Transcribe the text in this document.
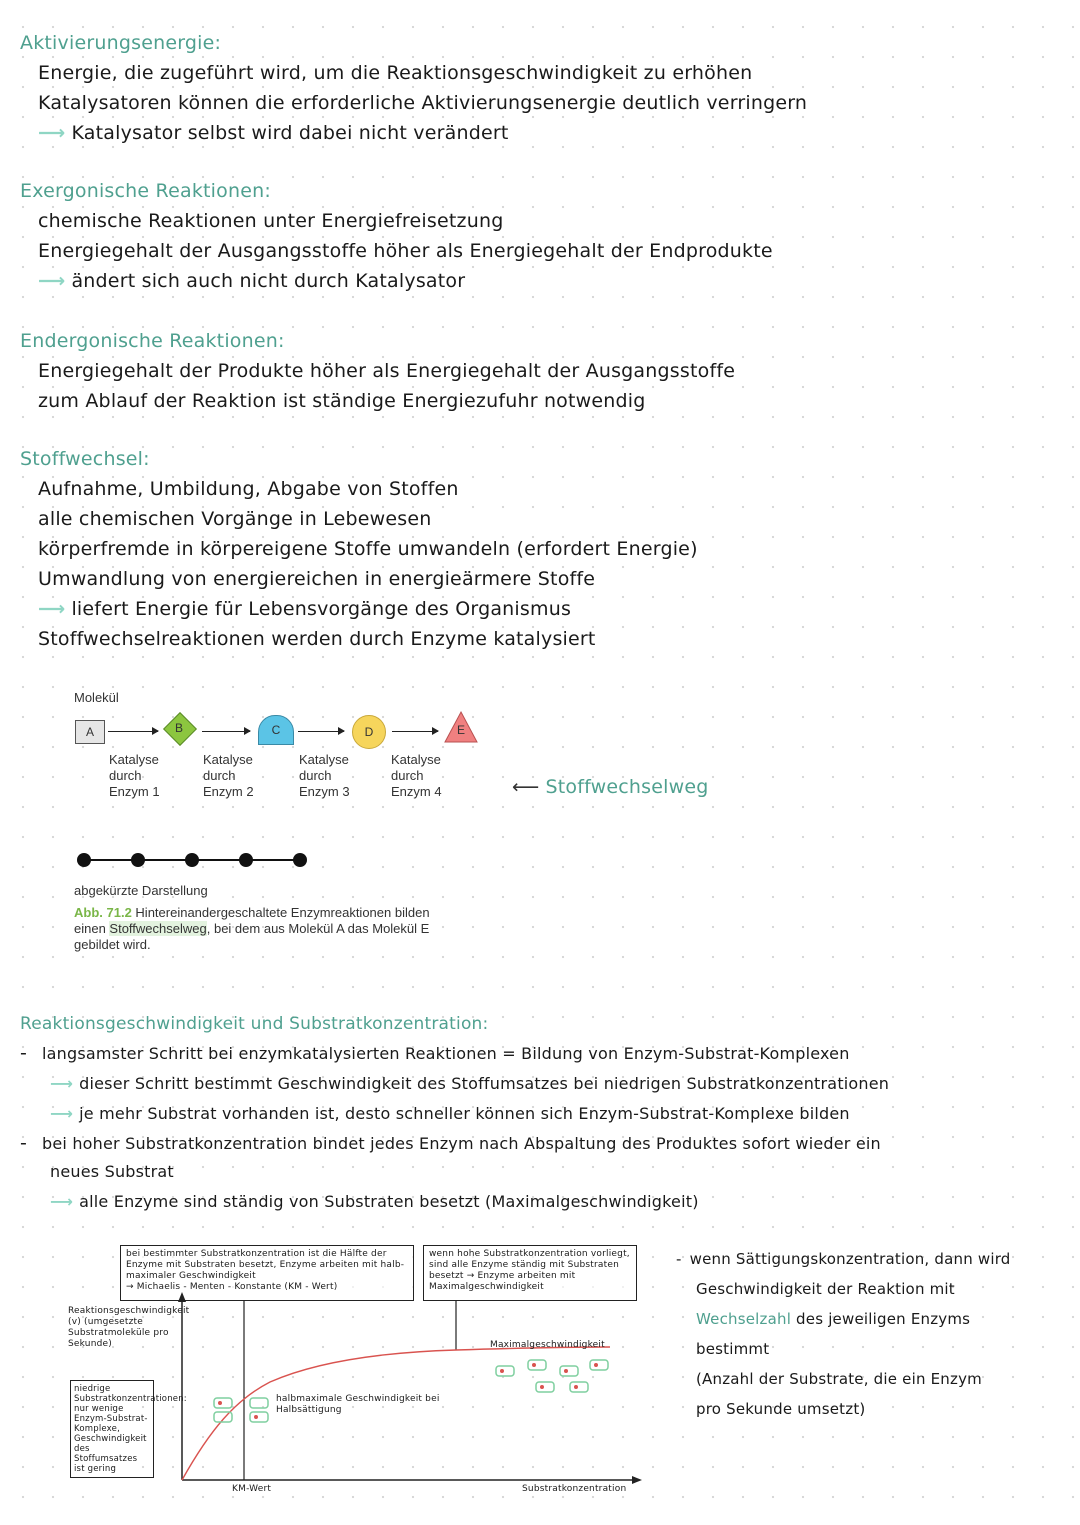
Aktivierungsenergie:
Energie, die zugeführt wird, um die Reaktionsgeschwindigkeit zu erhöhen
Katalysatoren können die erforderliche Aktivierungsenergie deutlich verringern
⟶ Katalysator selbst wird dabei nicht verändert
Exergonische Reaktionen:
chemische Reaktionen unter Energiefreisetzung
Energiegehalt der Ausgangsstoffe höher als Energiegehalt der Endprodukte
⟶ ändert sich auch nicht durch Katalysator
Endergonische Reaktionen:
Energiegehalt der Produkte höher als Energiegehalt der Ausgangsstoffe
zum Ablauf der Reaktion ist ständige Energiezufuhr notwendig
Stoffwechsel:
Aufnahme, Umbildung, Abgabe von Stoffen
alle chemischen Vorgänge in Lebewesen
körperfremde in körpereigene Stoffe umwandeln (erfordert Energie)
Umwandlung von energiereichen in energieärmere Stoffe
⟶ liefert Energie für Lebensvorgänge des Organismus
Stoffwechselreaktionen werden durch Enzyme katalysiert
Molekül
A	B	C	D	E
Katalyse
durch
Enzym 1
Katalyse
durch
Enzym 2
Katalyse
durch
Enzym 3
Katalyse
durch
Enzym 4	⟵ Stoffwechselweg
abgekürzte Darstellung
Abb. 71.2 Hintereinandergeschaltete Enzymreaktionen bilden
einen Stoffwechselweg, bei dem aus Molekül A das Molekül E
gebildet wird.
Reaktionsgeschwindigkeit und Substratkonzentration:
- langsamster Schritt bei enzymkatalysierten Reaktionen = Bildung von Enzym-Substrat-Komplexen
⟶ dieser Schritt bestimmt Geschwindigkeit des Stoffumsatzes bei niedrigen Substratkonzentrationen
⟶ je mehr Substrat vorhanden ist, desto schneller können sich Enzym-Substrat-Komplexe bilden
- bei hoher Substratkonzentration bindet jedes Enzym nach Abspaltung des Produktes sofort wieder ein
neues Substrat
⟶ alle Enzyme sind ständig von Substraten besetzt (Maximalgeschwindigkeit)
bei bestimmter Substratkonzentration ist die Hälfte der Enzyme mit Substraten besetzt, Enzyme arbeiten mit halb-maximaler Geschwindigkeit
→ Michaelis - Menten - Konstante (KM - Wert)
wenn hohe Substratkonzentration vorliegt, sind alle Enzyme ständig mit Substraten besetzt → Enzyme arbeiten mit Maximalgeschwindigkeit
Reaktionsgeschwindigkeit (v) (umgesetzte Substratmoleküle pro Sekunde)
niedrige Substratkonzentrationen: nur wenige Enzym-Substrat-Komplexe, Geschwindigkeit des Stoffumsatzes ist gering
Maximalgeschwindigkeit
halbmaximale Geschwindigkeit bei Halbsättigung
KM-Wert	Substratkonzentration
- wenn Sättigungskonzentration, dann wird
Geschwindigkeit der Reaktion mit
Wechselzahl des jeweiligen Enzyms
bestimmt
(Anzahl der Substrate, die ein Enzym
pro Sekunde umsetzt)
